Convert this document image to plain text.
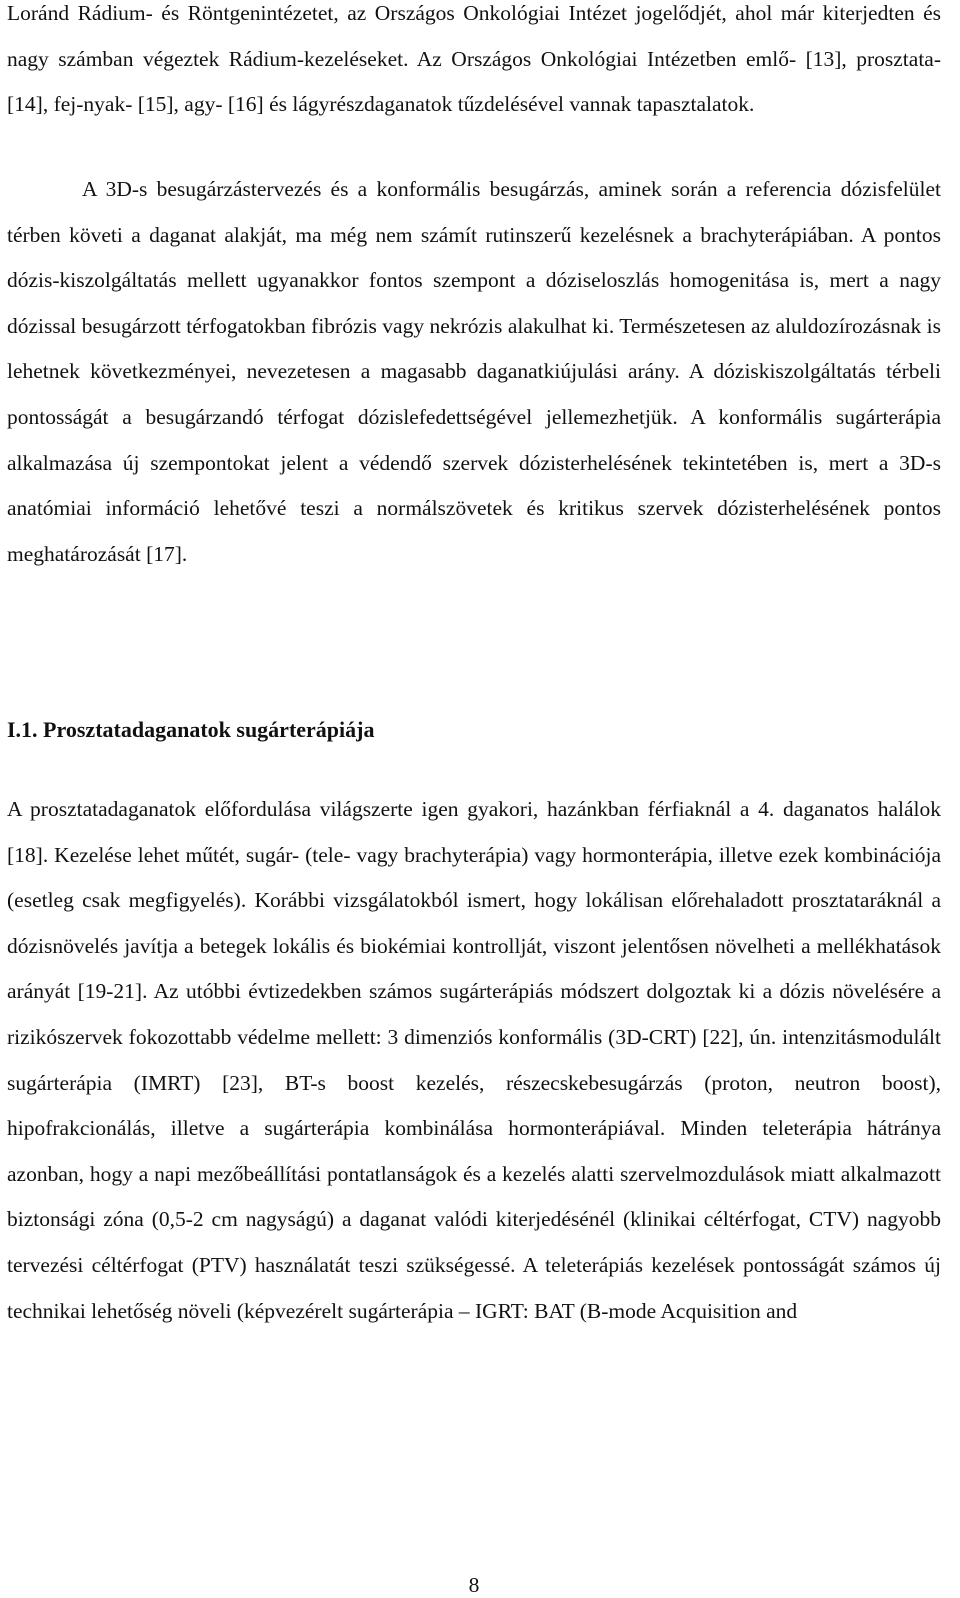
Loránd Rádium- és Röntgenintézetet, az Országos Onkológiai Intézet jogelődjét, ahol már kiterjedten és nagy számban végeztek Rádium-kezeléseket. Az Országos Onkológiai Intézetben emlő- [13], prosztata- [14], fej-nyak- [15], agy- [16] és lágyrészdaganatok tűzdelésével vannak tapasztalatok.

A 3D-s besugárzástervezés és a konformális besugárzás, aminek során a referencia dózisfelület térben követi a daganat alakját, ma még nem számít rutinszerű kezelésnek a brachyterápiában. A pontos dózis-kiszolgáltatás mellett ugyanakkor fontos szempont a dóziseloszlás homogenitása is, mert a nagy dózissal besugárzott térfogatokban fibrózis vagy nekrózis alakulhat ki. Természetesen az aluldozírozásnak is lehetnek következményei, nevezetesen a magasabb daganatkiújulási arány. A dóziskiszolgáltatás térbeli pontosságát a besugárzandó térfogat dózislefedettségével jellemezhetjük. A konformális sugárterápia alkalmazása új szempontokat jelent a védendő szervek dózisterhelésének tekintetében is, mert a 3D-s anatómiai információ lehetővé teszi a normálszövetek és kritikus szervek dózisterhelésének pontos meghatározását [17].

I.1. Prosztatadaganatok sugárterápiája

A prosztatadaganatok előfordulása világszerte igen gyakori, hazánkban férfiaknál a 4. daganatos halálok [18]. Kezelése lehet műtét, sugár- (tele- vagy brachyterápia) vagy hormonterápia, illetve ezek kombinációja (esetleg csak megfigyelés). Korábbi vizsgálatokból ismert, hogy lokálisan előrehaladott prosztataráknál a dózisnövelés javítja a betegek lokális és biokémiai kontrollját, viszont jelentősen növelheti a mellékhatások arányát [19-21]. Az utóbbi évtizedekben számos sugárterápiás módszert dolgoztak ki a dózis növelésére a rizikószervek fokozottabb védelme mellett: 3 dimenziós konformális (3D-CRT) [22], ún. intenzitásmodulált sugárterápia (IMRT) [23], BT-s boost kezelés, részecskebesugárzás (proton, neutron boost), hipofrakcionálás, illetve a sugárterápia kombinálása hormonterápiával. Minden teleterápia hátránya azonban, hogy a napi mezőbeállítási pontatlanságok és a kezelés alatti szervelmozdulások miatt alkalmazott biztonsági zóna (0,5-2 cm nagyságú) a daganat valódi kiterjedésénél (klinikai céltérfogat, CTV) nagyobb tervezési céltérfogat (PTV) használatát teszi szükségessé. A teleterápiás kezelések pontosságát számos új technikai lehetőség növeli (képvezérelt sugárterápia – IGRT: BAT (B-mode Acquisition and

8
